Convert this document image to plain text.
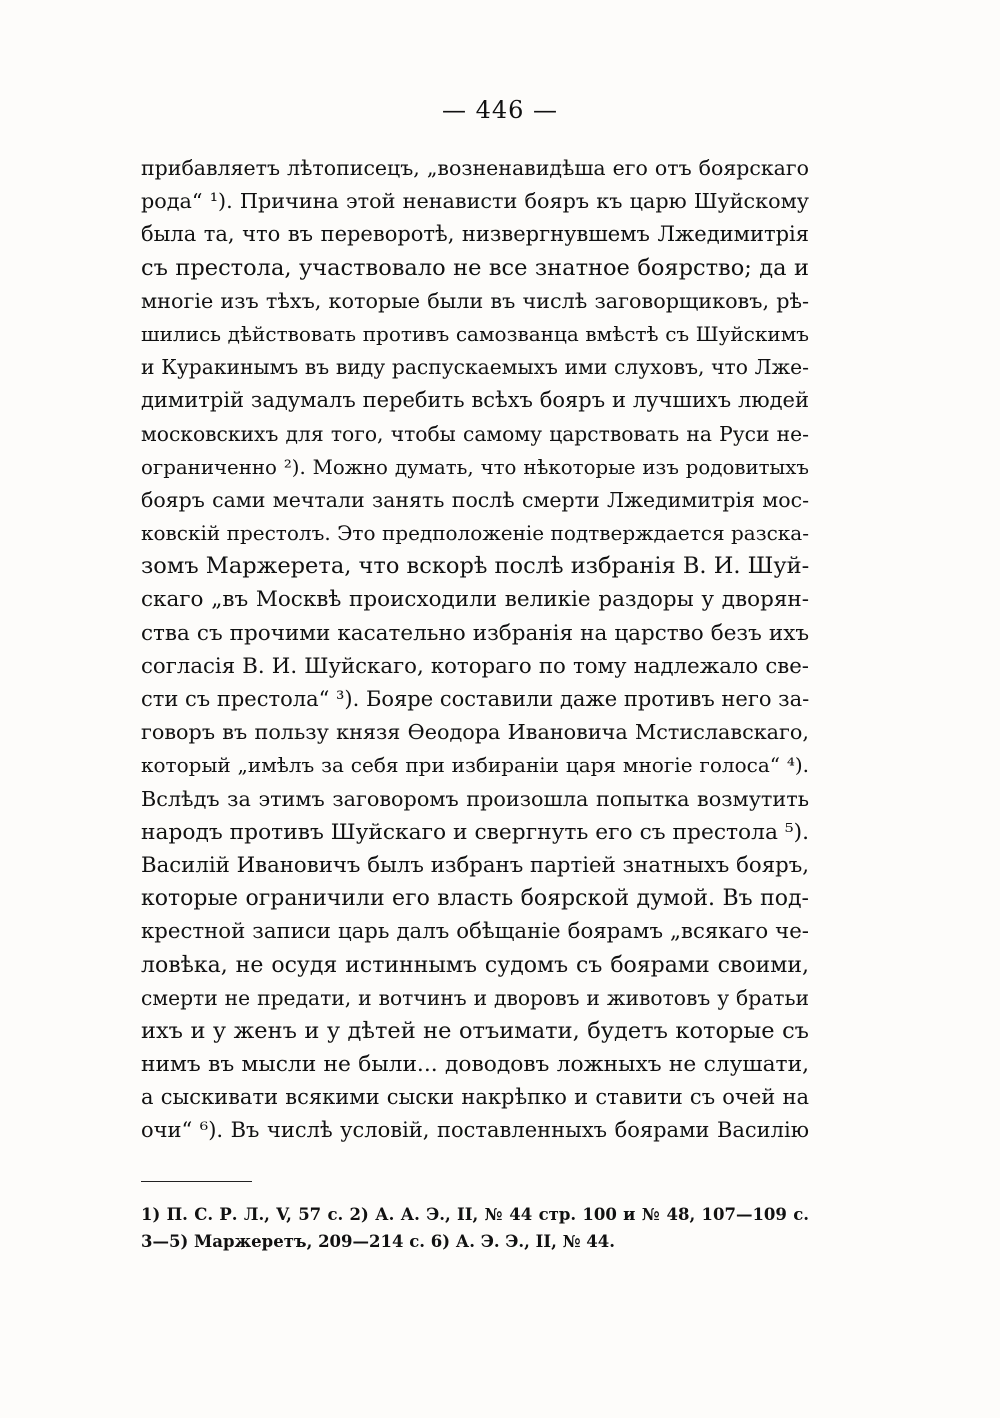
— 446 —
прибавляетъ лѣтописецъ, „возненавидѣша его отъ боярскаго
рода“ ¹). Причина этой ненависти бояръ къ царю Шуйскому
была та, что въ переворотѣ, низвергнувшемъ Лжедимитрія
съ престола, участвовало не все знатное боярство; да и
многіе изъ тѣхъ, которые были въ числѣ заговорщиковъ, рѣ-
шились дѣйствовать противъ самозванца вмѣстѣ съ Шуйскимъ
и Куракинымъ въ виду распускаемыхъ ими слуховъ, что Лже-
димитрій задумалъ перебить всѣхъ бояръ и лучшихъ людей
московскихъ для того, чтобы самому царствовать на Руси не-
ограниченно ²). Можно думать, что нѣкоторые изъ родовитыхъ
бояръ сами мечтали занять послѣ смерти Лжедимитрія мос-
ковскій престолъ. Это предположеніе подтверждается разска-
зомъ Маржерета, что вскорѣ послѣ избранія В. И. Шуй-
скаго „въ Москвѣ происходили великіе раздоры у дворян-
ства съ прочими касательно избранія на царство безъ ихъ
согласія В. И. Шуйскаго, котораго по тому надлежало све-
сти съ престола“ ³). Бояре составили даже противъ него за-
говоръ въ пользу князя Ѳеодора Ивановича Мстиславскаго,
который „имѣлъ за себя при избираніи царя многіе голоса“ ⁴).
Вслѣдъ за этимъ заговоромъ произошла попытка возмутить
народъ противъ Шуйскаго и свергнуть его съ престола ⁵).
Василій Ивановичъ былъ избранъ партіей знатныхъ бояръ,
которые ограничили его власть боярской думой. Въ под-
крестной записи царь далъ обѣщаніе боярамъ „всякаго че-
ловѣка, не осудя истиннымъ судомъ съ боярами своими,
смерти не предати, и вотчинъ и дворовъ и животовъ у братьи
ихъ и у женъ и у дѣтей не отъимати, будетъ которые съ
нимъ въ мысли не были... доводовъ ложныхъ не слушати,
а сыскивати всякими сыски накрѣпко и ставити съ очей на
очи“ ⁶). Въ числѣ условій, поставленныхъ боярами Василію
1) П. С. Р. Л., V, 57 с. 2) А. А. Э., II, № 44 стр. 100 и № 48, 107—109 с.
3—5) Маржеретъ, 209—214 с. 6) А. Э. Э., II, № 44.
